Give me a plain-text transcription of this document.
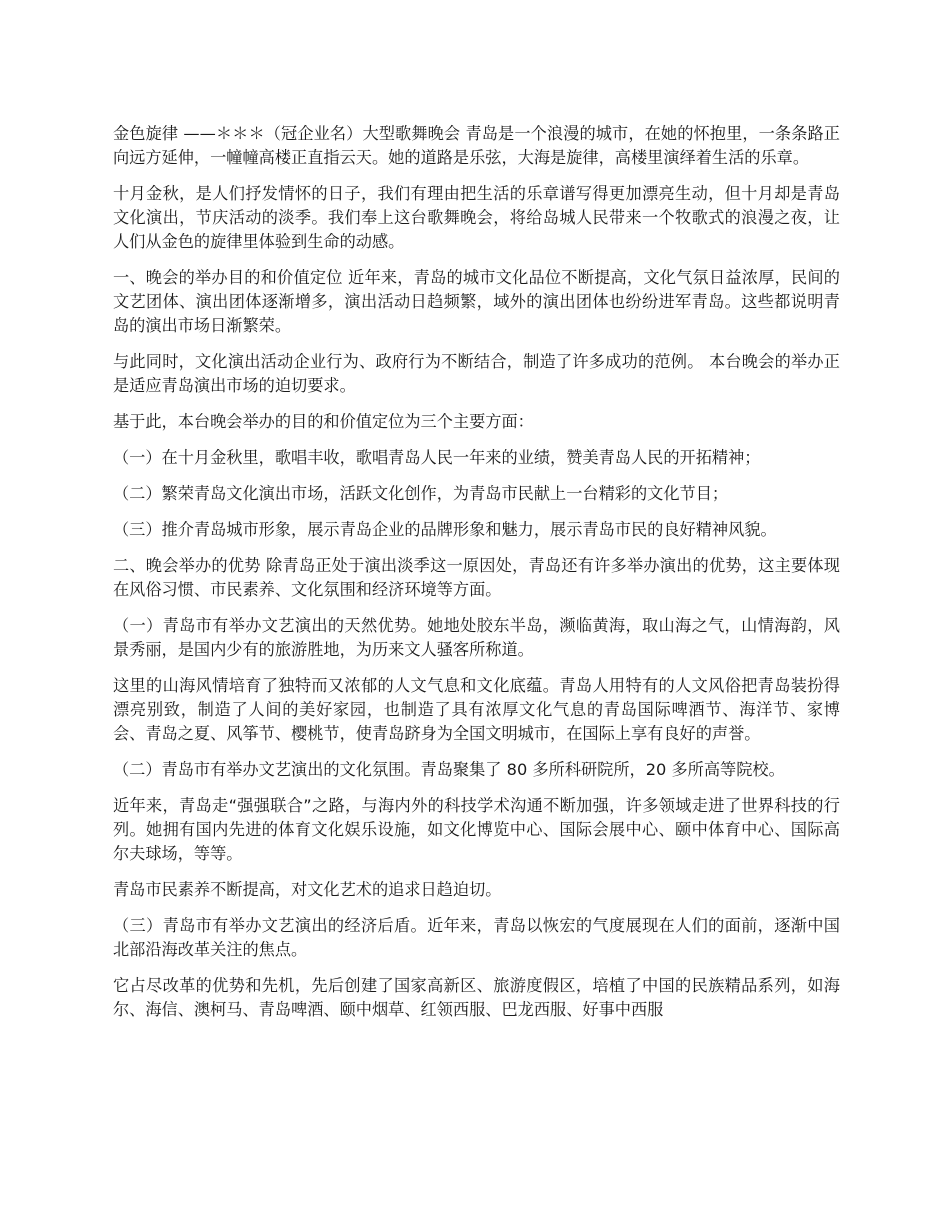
金色旋律 ——＊＊＊（冠企业名）大型歌舞晚会 青岛是一个浪漫的城市，在她的怀抱里，一条条路正向远方延伸，一幢幢高楼正直指云天。她的道路是乐弦，大海是旋律，高楼里演绎着生活的乐章。

十月金秋，是人们抒发情怀的日子，我们有理由把生活的乐章谱写得更加漂亮生动，但十月却是青岛文化演出，节庆活动的淡季。我们奉上这台歌舞晚会，将给岛城人民带来一个牧歌式的浪漫之夜，让人们从金色的旋律里体验到生命的动感。

一、晚会的举办目的和价值定位 近年来，青岛的城市文化品位不断提高，文化气氛日益浓厚，民间的文艺团体、演出团体逐渐增多，演出活动日趋频繁，域外的演出团体也纷纷进军青岛。这些都说明青岛的演出市场日渐繁荣。

与此同时，文化演出活动企业行为、政府行为不断结合，制造了许多成功的范例。 本台晚会的举办正是适应青岛演出市场的迫切要求。

基于此，本台晚会举办的目的和价值定位为三个主要方面：

（一）在十月金秋里，歌唱丰收，歌唱青岛人民一年来的业绩，赞美青岛人民的开拓精神；

（二）繁荣青岛文化演出市场，活跃文化创作，为青岛市民献上一台精彩的文化节目；

（三）推介青岛城市形象，展示青岛企业的品牌形象和魅力，展示青岛市民的良好精神风貌。

二、晚会举办的优势 除青岛正处于演出淡季这一原因处，青岛还有许多举办演出的优势，这主要体现在风俗习惯、市民素养、文化氛围和经济环境等方面。

（一）青岛市有举办文艺演出的天然优势。她地处胶东半岛，濒临黄海，取山海之气，山情海韵，风景秀丽，是国内少有的旅游胜地，为历来文人骚客所称道。

这里的山海风情培育了独特而又浓郁的人文气息和文化底蕴。青岛人用特有的人文风俗把青岛装扮得漂亮别致，制造了人间的美好家园，也制造了具有浓厚文化气息的青岛国际啤酒节、海洋节、家博会、青岛之夏、风筝节、樱桃节，使青岛跻身为全国文明城市，在国际上享有良好的声誉。

（二）青岛市有举办文艺演出的文化氛围。青岛聚集了 80 多所科研院所，20 多所高等院校。

近年来，青岛走“强强联合”之路，与海内外的科技学术沟通不断加强，许多领域走进了世界科技的行列。她拥有国内先进的体育文化娱乐设施，如文化博览中心、国际会展中心、颐中体育中心、国际高尔夫球场，等等。

青岛市民素养不断提高，对文化艺术的追求日趋迫切。

（三）青岛市有举办文艺演出的经济后盾。近年来，青岛以恢宏的气度展现在人们的面前，逐渐中国北部沿海改革关注的焦点。

它占尽改革的优势和先机，先后创建了国家高新区、旅游度假区，培植了中国的民族精品系列，如海尔、海信、澳柯马、青岛啤酒、颐中烟草、红领西服、巴龙西服、好事中西服
